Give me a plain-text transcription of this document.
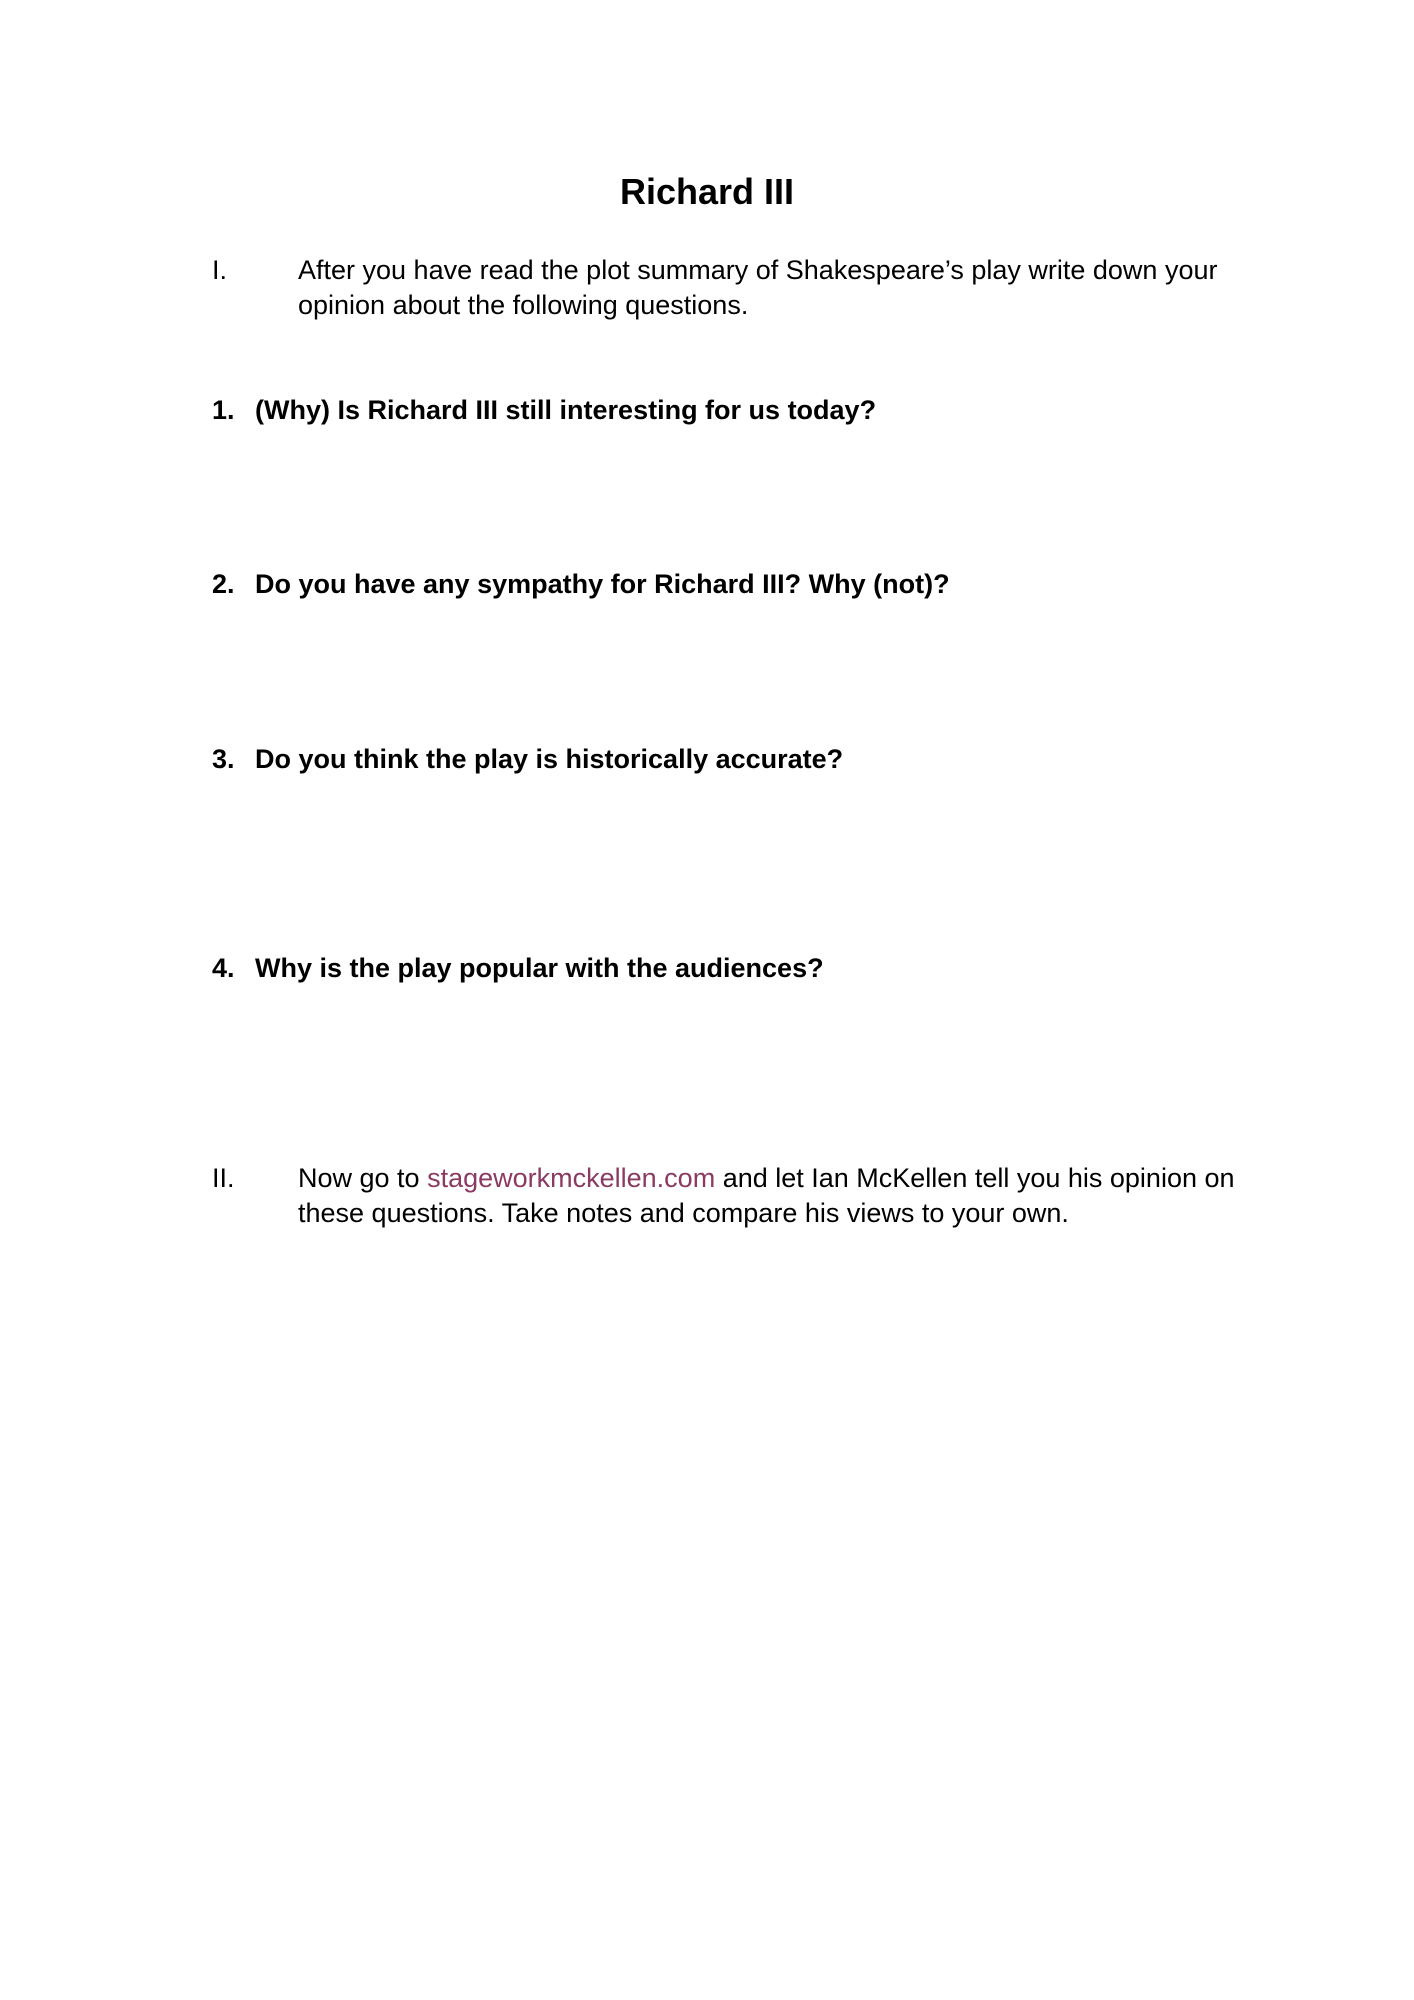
Richard III
I.	After you have read the plot summary of Shakespeare’s play write down your opinion about the following questions.
1. (Why) Is Richard III still interesting for us today?
2. Do you have any sympathy for Richard III? Why (not)?
3. Do you think the play is historically accurate?
4. Why is the play popular with the audiences?
II.	Now go to stageworkmckellen.com and let Ian McKellen tell you his opinion on these questions. Take notes and compare his views to your own.
